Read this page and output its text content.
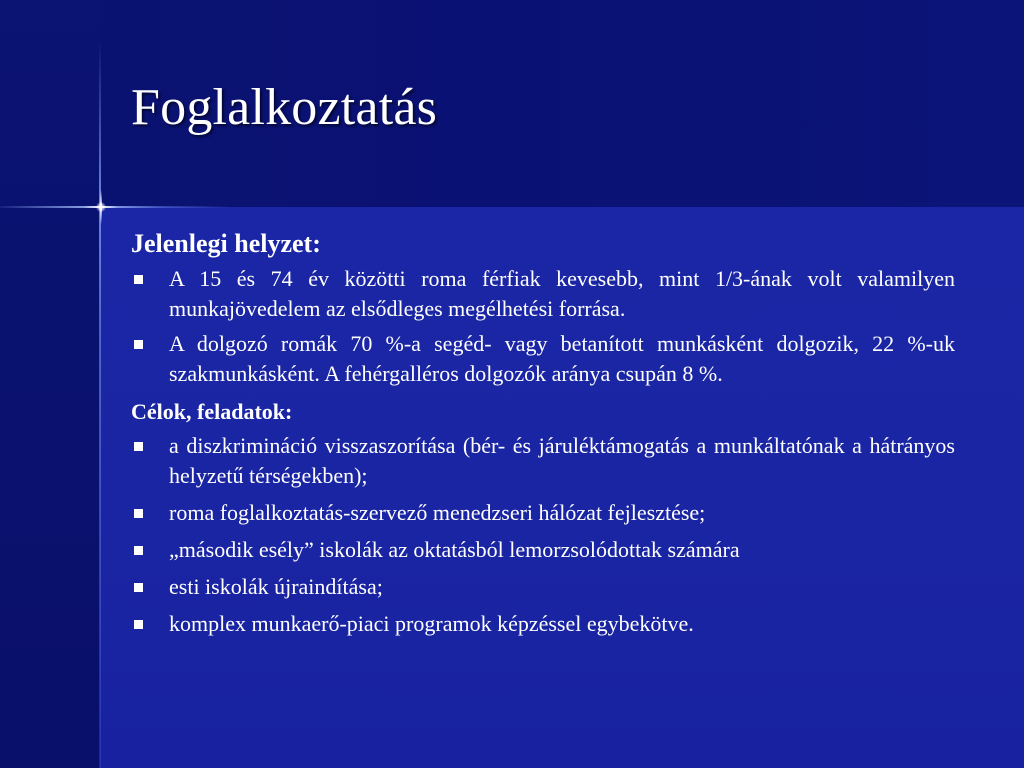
Foglalkoztatás

Jelenlegi helyzet:

A 15 és 74 év közötti roma férfiak kevesebb, mint 1/3-ának volt valamilyen munkajövedelem az elsődleges megélhetési forrása.
A dolgozó romák 70 %-a segéd- vagy betanított munkásként dolgozik, 22 %-uk szakmunkásként. A fehérgalléros dolgozók aránya csupán 8 %.

Célok, feladatok:

a diszkrimináció visszaszorítása (bér- és járuléktámogatás a munkáltatónak a hátrányos helyzetű térségekben);
roma foglalkoztatás-szervező menedzseri hálózat fejlesztése;
„második esély” iskolák az oktatásból lemorzsolódottak számára
esti iskolák újraindítása;
komplex munkaerő-piaci programok képzéssel egybekötve.
